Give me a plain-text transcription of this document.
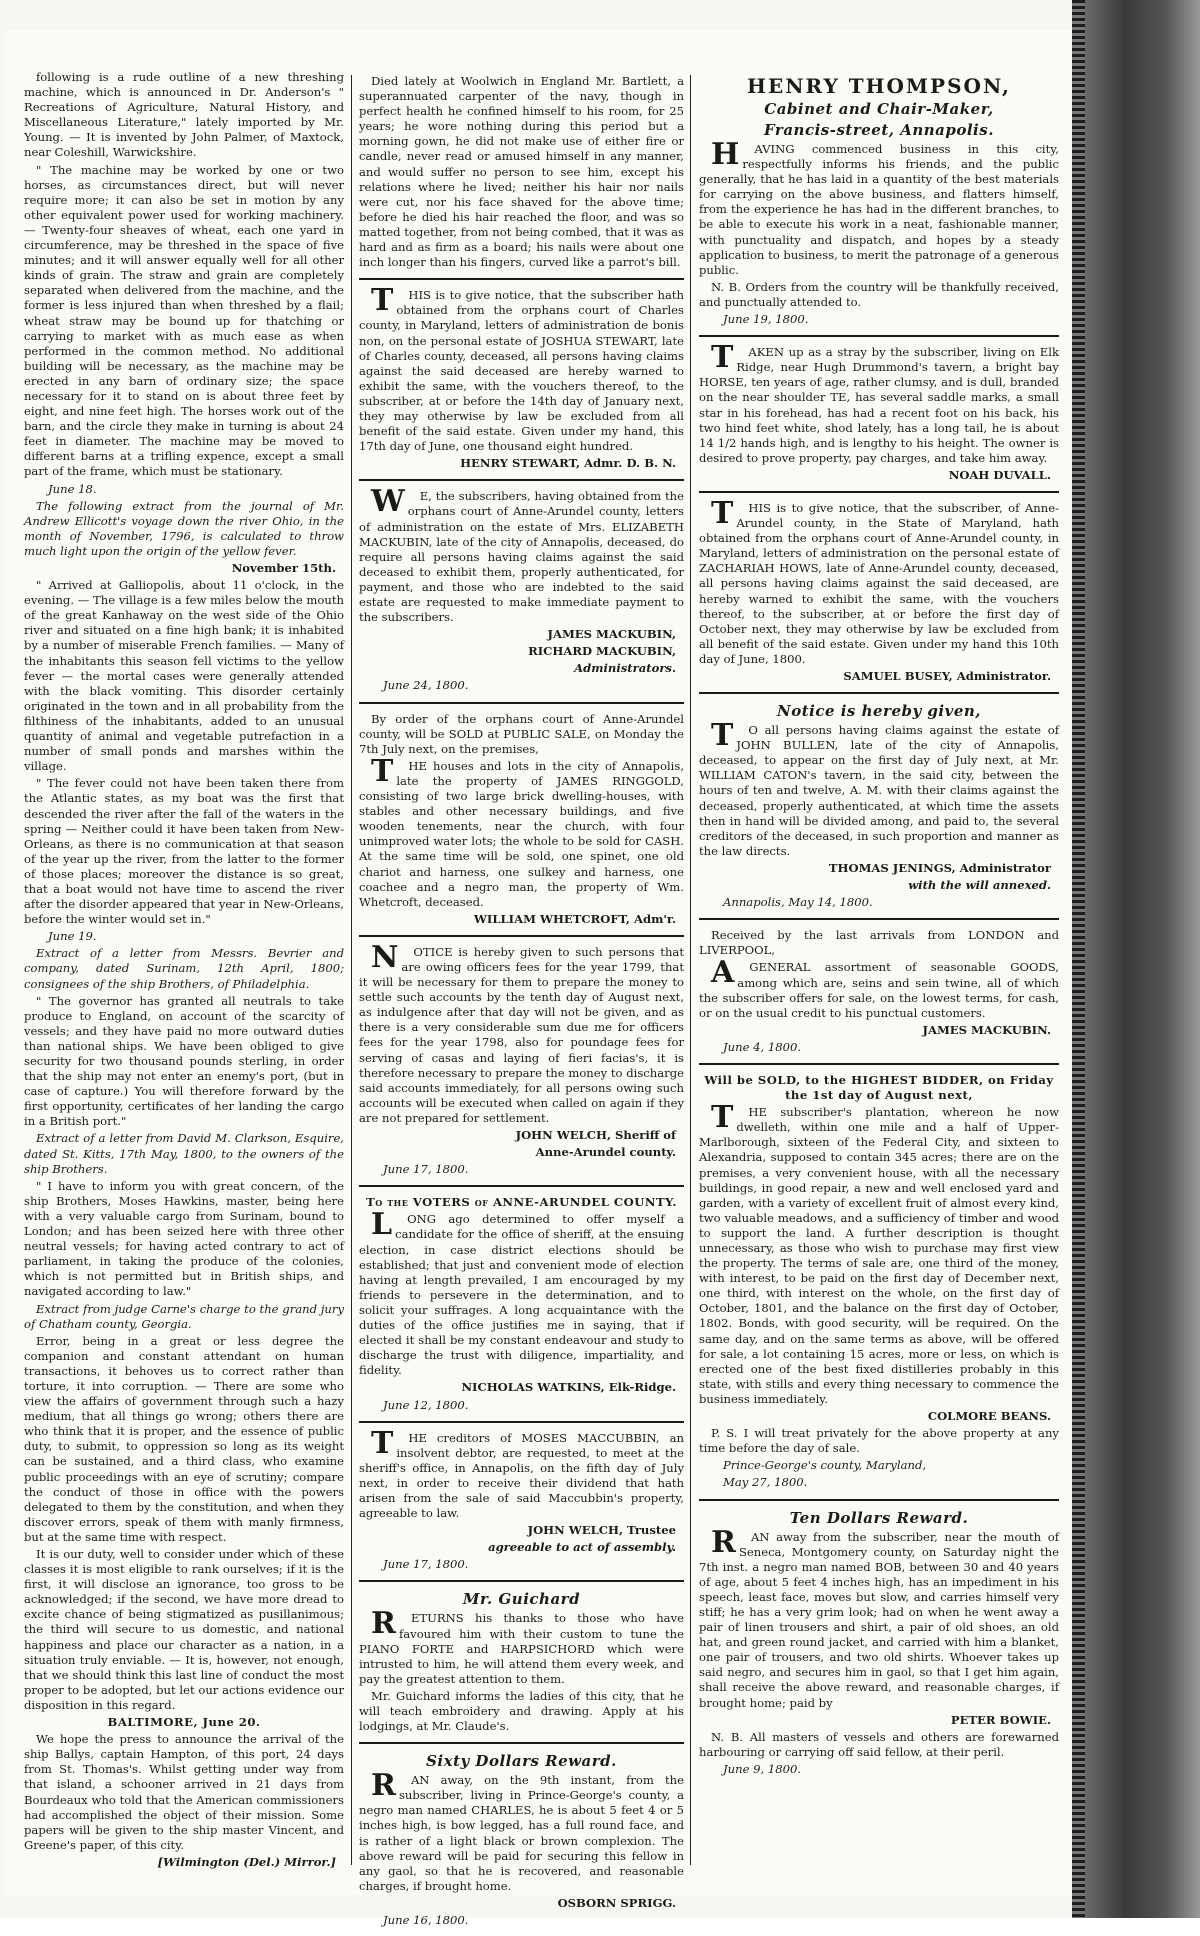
following is a rude outline of a new threshing machine, which is announced in Dr. Anderson's " Recreations of Agriculture, Natural History, and Miscellaneous Literature," lately imported by Mr. Young. — It is invented by John Palmer, of Maxtock, near Coleshill, Warwickshire.

" The machine may be worked by one or two horses, as circumstances direct, but will never require more; it can also be set in motion by any other equivalent power used for working machinery. — Twenty-four sheaves of wheat, each one yard in circumference, may be threshed in the space of five minutes; and it will answer equally well for all other kinds of grain. The straw and grain are completely separated when delivered from the machine, and the former is less injured than when threshed by a flail; wheat straw may be bound up for thatching or carrying to market with as much ease as when performed in the common method. No additional building will be necessary, as the machine may be erected in any barn of ordinary size; the space necessary for it to stand on is about three feet by eight, and nine feet high. The horses work out of the barn, and the circle they make in turning is about 24 feet in diameter. The machine may be moved to different barns at a trifling expence, except a small part of the frame, which must be stationary.

June 18.

The following extract from the journal of Mr. Andrew Ellicott's voyage down the river Ohio, in the month of November, 1796, is calculated to throw much light upon the origin of the yellow fever.

November 15th.

" Arrived at Galliopolis, about 11 o'clock, in the evening. — The village is a few miles below the mouth of the great Kanhaway on the west side of the Ohio river and situated on a fine high bank; it is inhabited by a number of miserable French families. — Many of the inhabitants this season fell victims to the yellow fever — the mortal cases were generally attended with the black vomiting. This disorder certainly originated in the town and in all probability from the filthiness of the inhabitants, added to an unusual quantity of animal and vegetable putrefaction in a number of small ponds and marshes within the village.

" The fever could not have been taken there from the Atlantic states, as my boat was the first that descended the river after the fall of the waters in the spring — Neither could it have been taken from New-Orleans, as there is no communication at that season of the year up the river, from the latter to the former of those places; moreover the distance is so great, that a boat would not have time to ascend the river after the disorder appeared that year in New-Orleans, before the winter would set in."

June 19.

Extract of a letter from Messrs. Bevrier and company, dated Surinam, 12th April, 1800; consignees of the ship Brothers, of Philadelphia.

" The governor has granted all neutrals to take produce to England, on account of the scarcity of vessels; and they have paid no more outward duties than national ships. We have been obliged to give security for two thousand pounds sterling, in order that the ship may not enter an enemy's port, (but in case of capture.) You will therefore forward by the first opportunity, certificates of her landing the cargo in a British port."

Extract of a letter from David M. Clarkson, Esquire, dated St. Kitts, 17th May, 1800, to the owners of the ship Brothers.

" I have to inform you with great concern, of the ship Brothers, Moses Hawkins, master, being here with a very valuable cargo from Surinam, bound to London; and has been seized here with three other neutral vessels; for having acted contrary to act of parliament, in taking the produce of the colonies, which is not permitted but in British ships, and navigated according to law."

Extract from judge Carne's charge to the grand jury of Chatham county, Georgia.

Error, being in a great or less degree the companion and constant attendant on human transactions, it behoves us to correct rather than torture, it into corruption. — There are some who view the affairs of government through such a hazy medium, that all things go wrong; others there are who think that it is proper, and the essence of public duty, to submit, to oppression so long as its weight can be sustained, and a third class, who examine public proceedings with an eye of scrutiny; compare the conduct of those in office with the powers delegated to them by the constitution, and when they discover errors, speak of them with manly firmness, but at the same time with respect.

It is our duty, well to consider under which of these classes it is most eligible to rank ourselves; if it is the first, it will disclose an ignorance, too gross to be acknowledged; if the second, we have more dread to excite chance of being stigmatized as pusillanimous; the third will secure to us domestic, and national happiness and place our character as a nation, in a situation truly enviable. — It is, however, not enough, that we should think this last line of conduct the most proper to be adopted, but let our actions evidence our disposition in this regard.

BALTIMORE, June 20.

We hope the press to announce the arrival of the ship Ballys, captain Hampton, of this port, 24 days from St. Thomas's. Whilst getting under way from that island, a schooner arrived in 21 days from Bourdeaux who told that the American commissioners had accomplished the object of their mission. Some papers will be given to the ship master Vincent, and Greene's paper, of this city.

[Wilmington (Del.) Mirror.]

Died lately at Woolwich in England Mr. Bartlett, a superannuated carpenter of the navy, though in perfect health he confined himself to his room, for 25 years; he wore nothing during this period but a morning gown, he did not make use of either fire or candle, never read or amused himself in any manner, and would suffer no person to see him, except his relations where he lived; neither his hair nor nails were cut, nor his face shaved for the above time; before he died his hair reached the floor, and was so matted together, from not being combed, that it was as hard and as firm as a board; his nails were about one inch longer than his fingers, curved like a parrot's bill.

THIS is to give notice, that the subscriber hath obtained from the orphans court of Charles county, in Maryland, letters of administration de bonis non, on the personal estate of JOSHUA STEWART, late of Charles county, deceased, all persons having claims against the said deceased are hereby warned to exhibit the same, with the vouchers thereof, to the subscriber, at or before the 14th day of January next, they may otherwise by law be excluded from all benefit of the said estate. Given under my hand, this 17th day of June, one thousand eight hundred.

HENRY STEWART, Admr. D. B. N.

WE, the subscribers, having obtained from the orphans court of Anne-Arundel county, letters of administration on the estate of Mrs. ELIZABETH MACKUBIN, late of the city of Annapolis, deceased, do require all persons having claims against the said deceased to exhibit them, properly authenticated, for payment, and those who are indebted to the said estate are requested to make immediate payment to the subscribers.

JAMES MACKUBIN,

RICHARD MACKUBIN,

Administrators.

June 24, 1800.

By order of the orphans court of Anne-Arundel county, will be SOLD at PUBLIC SALE, on Monday the 7th July next, on the premises,

THE houses and lots in the city of Annapolis, late the property of JAMES RINGGOLD, consisting of two large brick dwelling-houses, with stables and other necessary buildings, and five wooden tenements, near the church, with four unimproved water lots; the whole to be sold for CASH. At the same time will be sold, one spinet, one old chariot and harness, one sulkey and harness, one coachee and a negro man, the property of Wm. Whetcroft, deceased.

WILLIAM WHETCROFT, Adm'r.

NOTICE is hereby given to such persons that are owing officers fees for the year 1799, that it will be necessary for them to prepare the money to settle such accounts by the tenth day of August next, as indulgence after that day will not be given, and as there is a very considerable sum due me for officers fees for the year 1798, also for poundage fees for serving of casas and laying of fieri facias's, it is therefore necessary to prepare the money to discharge said accounts immediately, for all persons owing such accounts will be executed when called on again if they are not prepared for settlement.

JOHN WELCH, Sheriff of

Anne-Arundel county.

June 17, 1800.

To the VOTERS of ANNE-ARUNDEL COUNTY.

LONG ago determined to offer myself a candidate for the office of sheriff, at the ensuing election, in case district elections should be established; that just and convenient mode of election having at length prevailed, I am encouraged by my friends to persevere in the determination, and to solicit your suffrages. A long acquaintance with the duties of the office justifies me in saying, that if elected it shall be my constant endeavour and study to discharge the trust with diligence, impartiality, and fidelity.

NICHOLAS WATKINS, Elk-Ridge.

June 12, 1800.

THE creditors of MOSES MACCUBBIN, an insolvent debtor, are requested, to meet at the sheriff's office, in Annapolis, on the fifth day of July next, in order to receive their dividend that hath arisen from the sale of said Maccubbin's property, agreeable to law.

JOHN WELCH, Trustee

agreeable to act of assembly.

June 17, 1800.

Mr. Guichard

RETURNS his thanks to those who have favoured him with their custom to tune the PIANO FORTE and HARPSICHORD which were intrusted to him, he will attend them every week, and pay the greatest attention to them.

Mr. Guichard informs the ladies of this city, that he will teach embroidery and drawing. Apply at his lodgings, at Mr. Claude's.

Sixty Dollars Reward.

RAN away, on the 9th instant, from the subscriber, living in Prince-George's county, a negro man named CHARLES, he is about 5 feet 4 or 5 inches high, is bow legged, has a full round face, and is rather of a light black or brown complexion. The above reward will be paid for securing this fellow in any gaol, so that he is recovered, and reasonable charges, if brought home.

OSBORN SPRIGG.

June 16, 1800.

HENRY THOMPSON,

Cabinet and Chair-Maker,

Francis-street, Annapolis.

HAVING commenced business in this city, respectfully informs his friends, and the public generally, that he has laid in a quantity of the best materials for carrying on the above business, and flatters himself, from the experience he has had in the different branches, to be able to execute his work in a neat, fashionable manner, with punctuality and dispatch, and hopes by a steady application to business, to merit the patronage of a generous public.

N. B. Orders from the country will be thankfully received, and punctually attended to.

June 19, 1800.

TAKEN up as a stray by the subscriber, living on Elk Ridge, near Hugh Drummond's tavern, a bright bay HORSE, ten years of age, rather clumsy, and is dull, branded on the near shoulder TE, has several saddle marks, a small star in his forehead, has had a recent foot on his back, his two hind feet white, shod lately, has a long tail, he is about 14 1/2 hands high, and is lengthy to his height. The owner is desired to prove property, pay charges, and take him away.

NOAH DUVALL.

THIS is to give notice, that the subscriber, of Anne-Arundel county, in the State of Maryland, hath obtained from the orphans court of Anne-Arundel county, in Maryland, letters of administration on the personal estate of ZACHARIAH HOWS, late of Anne-Arundel county, deceased, all persons having claims against the said deceased, are hereby warned to exhibit the same, with the vouchers thereof, to the subscriber, at or before the first day of October next, they may otherwise by law be excluded from all benefit of the said estate. Given under my hand this 10th day of June, 1800.

SAMUEL BUSEY, Administrator.

Notice is hereby given,

TO all persons having claims against the estate of JOHN BULLEN, late of the city of Annapolis, deceased, to appear on the first day of July next, at Mr. WILLIAM CATON's tavern, in the said city, between the hours of ten and twelve, A. M. with their claims against the deceased, properly authenticated, at which time the assets then in hand will be divided among, and paid to, the several creditors of the deceased, in such proportion and manner as the law directs.

THOMAS JENINGS, Administrator

with the will annexed.

Annapolis, May 14, 1800.

Received by the last arrivals from LONDON and LIVERPOOL,

AGENERAL assortment of seasonable GOODS, among which are, seins and sein twine, all of which the subscriber offers for sale, on the lowest terms, for cash, or on the usual credit to his punctual customers.

JAMES MACKUBIN.

June 4, 1800.

Will be SOLD, to the HIGHEST BIDDER, on Friday the 1st day of August next,

THE subscriber's plantation, whereon he now dwelleth, within one mile and a half of Upper-Marlborough, sixteen of the Federal City, and sixteen to Alexandria, supposed to contain 345 acres; there are on the premises, a very convenient house, with all the necessary buildings, in good repair, a new and well enclosed yard and garden, with a variety of excellent fruit of almost every kind, two valuable meadows, and a sufficiency of timber and wood to support the land. A further description is thought unnecessary, as those who wish to purchase may first view the property. The terms of sale are, one third of the money, with interest, to be paid on the first day of December next, one third, with interest on the whole, on the first day of October, 1801, and the balance on the first day of October, 1802. Bonds, with good security, will be required. On the same day, and on the same terms as above, will be offered for sale, a lot containing 15 acres, more or less, on which is erected one of the best fixed distilleries probably in this state, with stills and every thing necessary to commence the business immediately.

COLMORE BEANS.

P. S. I will treat privately for the above property at any time before the day of sale.

Prince-George's county, Maryland,

May 27, 1800.

Ten Dollars Reward.

RAN away from the subscriber, near the mouth of Seneca, Montgomery county, on Saturday night the 7th inst. a negro man named BOB, between 30 and 40 years of age, about 5 feet 4 inches high, has an impediment in his speech, least face, moves but slow, and carries himself very stiff; he has a very grim look; had on when he went away a pair of linen trousers and shirt, a pair of old shoes, an old hat, and green round jacket, and carried with him a blanket, one pair of trousers, and two old shirts. Whoever takes up said negro, and secures him in gaol, so that I get him again, shall receive the above reward, and reasonable charges, if brought home; paid by

PETER BOWIE.

N. B. All masters of vessels and others are forewarned harbouring or carrying off said fellow, at their peril.

June 9, 1800.
